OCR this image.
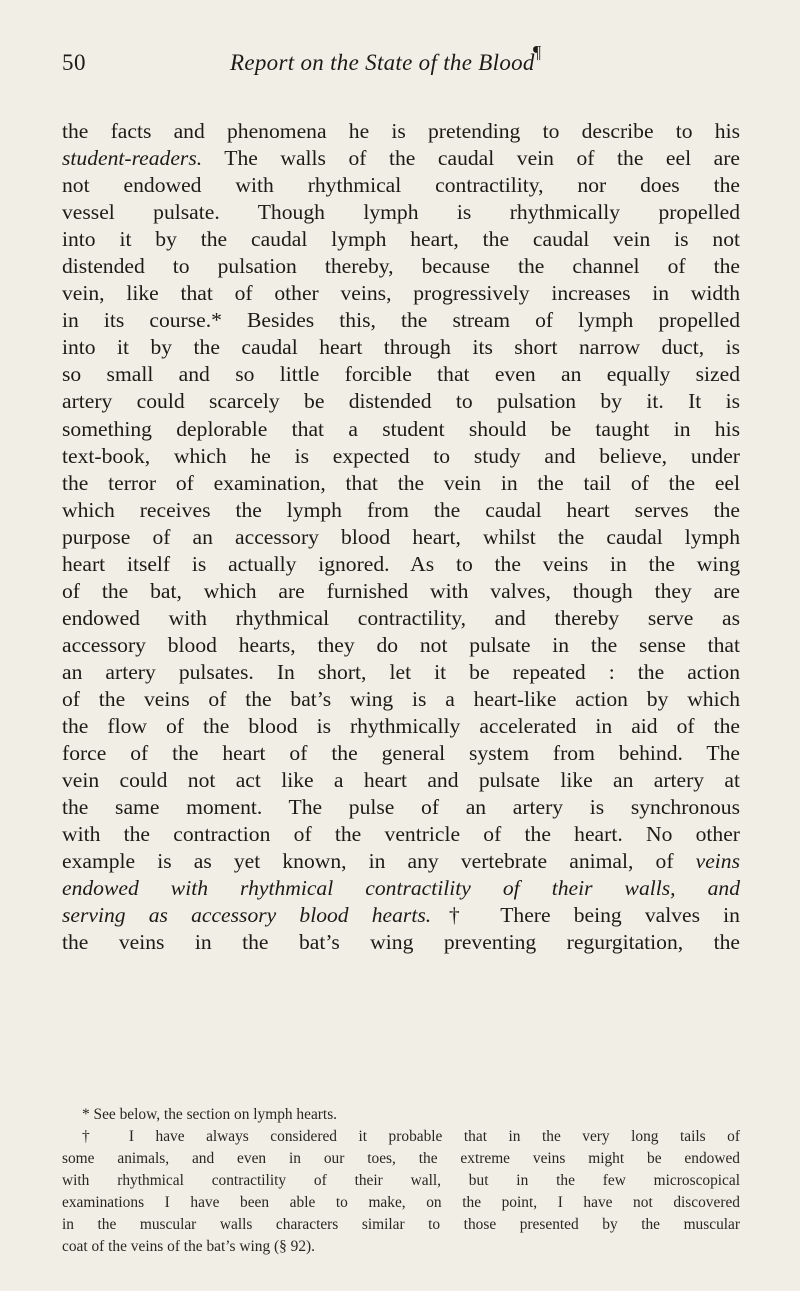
50	Report on the State of the Blood
¶
the facts and phenomena he is pretending to describe to his
student-readers. The walls of the caudal vein of the eel are
not endowed with rhythmical contractility, nor does the
vessel pulsate. Though lymph is rhythmically propelled
into it by the caudal lymph heart, the caudal vein is not
distended to pulsation thereby, because the channel of the
vein, like that of other veins, progressively increases in width
in its course.* Besides this, the stream of lymph propelled
into it by the caudal heart through its short narrow duct, is
so small and so little forcible that even an equally sized
artery could scarcely be distended to pulsation by it. It is
something deplorable that a student should be taught in his
text-book, which he is expected to study and believe, under
the terror of examination, that the vein in the tail of the eel
which receives the lymph from the caudal heart serves the
purpose of an accessory blood heart, whilst the caudal lymph
heart itself is actually ignored. As to the veins in the wing
of the bat, which are furnished with valves, though they are
endowed with rhythmical contractility, and thereby serve as
accessory blood hearts, they do not pulsate in the sense that
an artery pulsates. In short, let it be repeated : the action
of the veins of the bat’s wing is a heart-like action by which
the flow of the blood is rhythmically accelerated in aid of the
force of the heart of the general system from behind. The
vein could not act like a heart and pulsate like an artery at
the same moment. The pulse of an artery is synchronous
with the contraction of the ventricle of the heart. No other
example is as yet known, in any vertebrate animal, of veins
endowed with rhythmical contractility of their walls, and
serving as accessory blood hearts.† There being valves in
the veins in the bat’s wing preventing regurgitation, the
* See below, the section on lymph hearts.
† I have always considered it probable that in the very long tails of
some animals, and even in our toes, the extreme veins might be endowed
with rhythmical contractility of their wall, but in the few microscopical
examinations I have been able to make, on the point, I have not discovered
in the muscular walls characters similar to those presented by the muscular
coat of the veins of the bat’s wing (§ 92).
